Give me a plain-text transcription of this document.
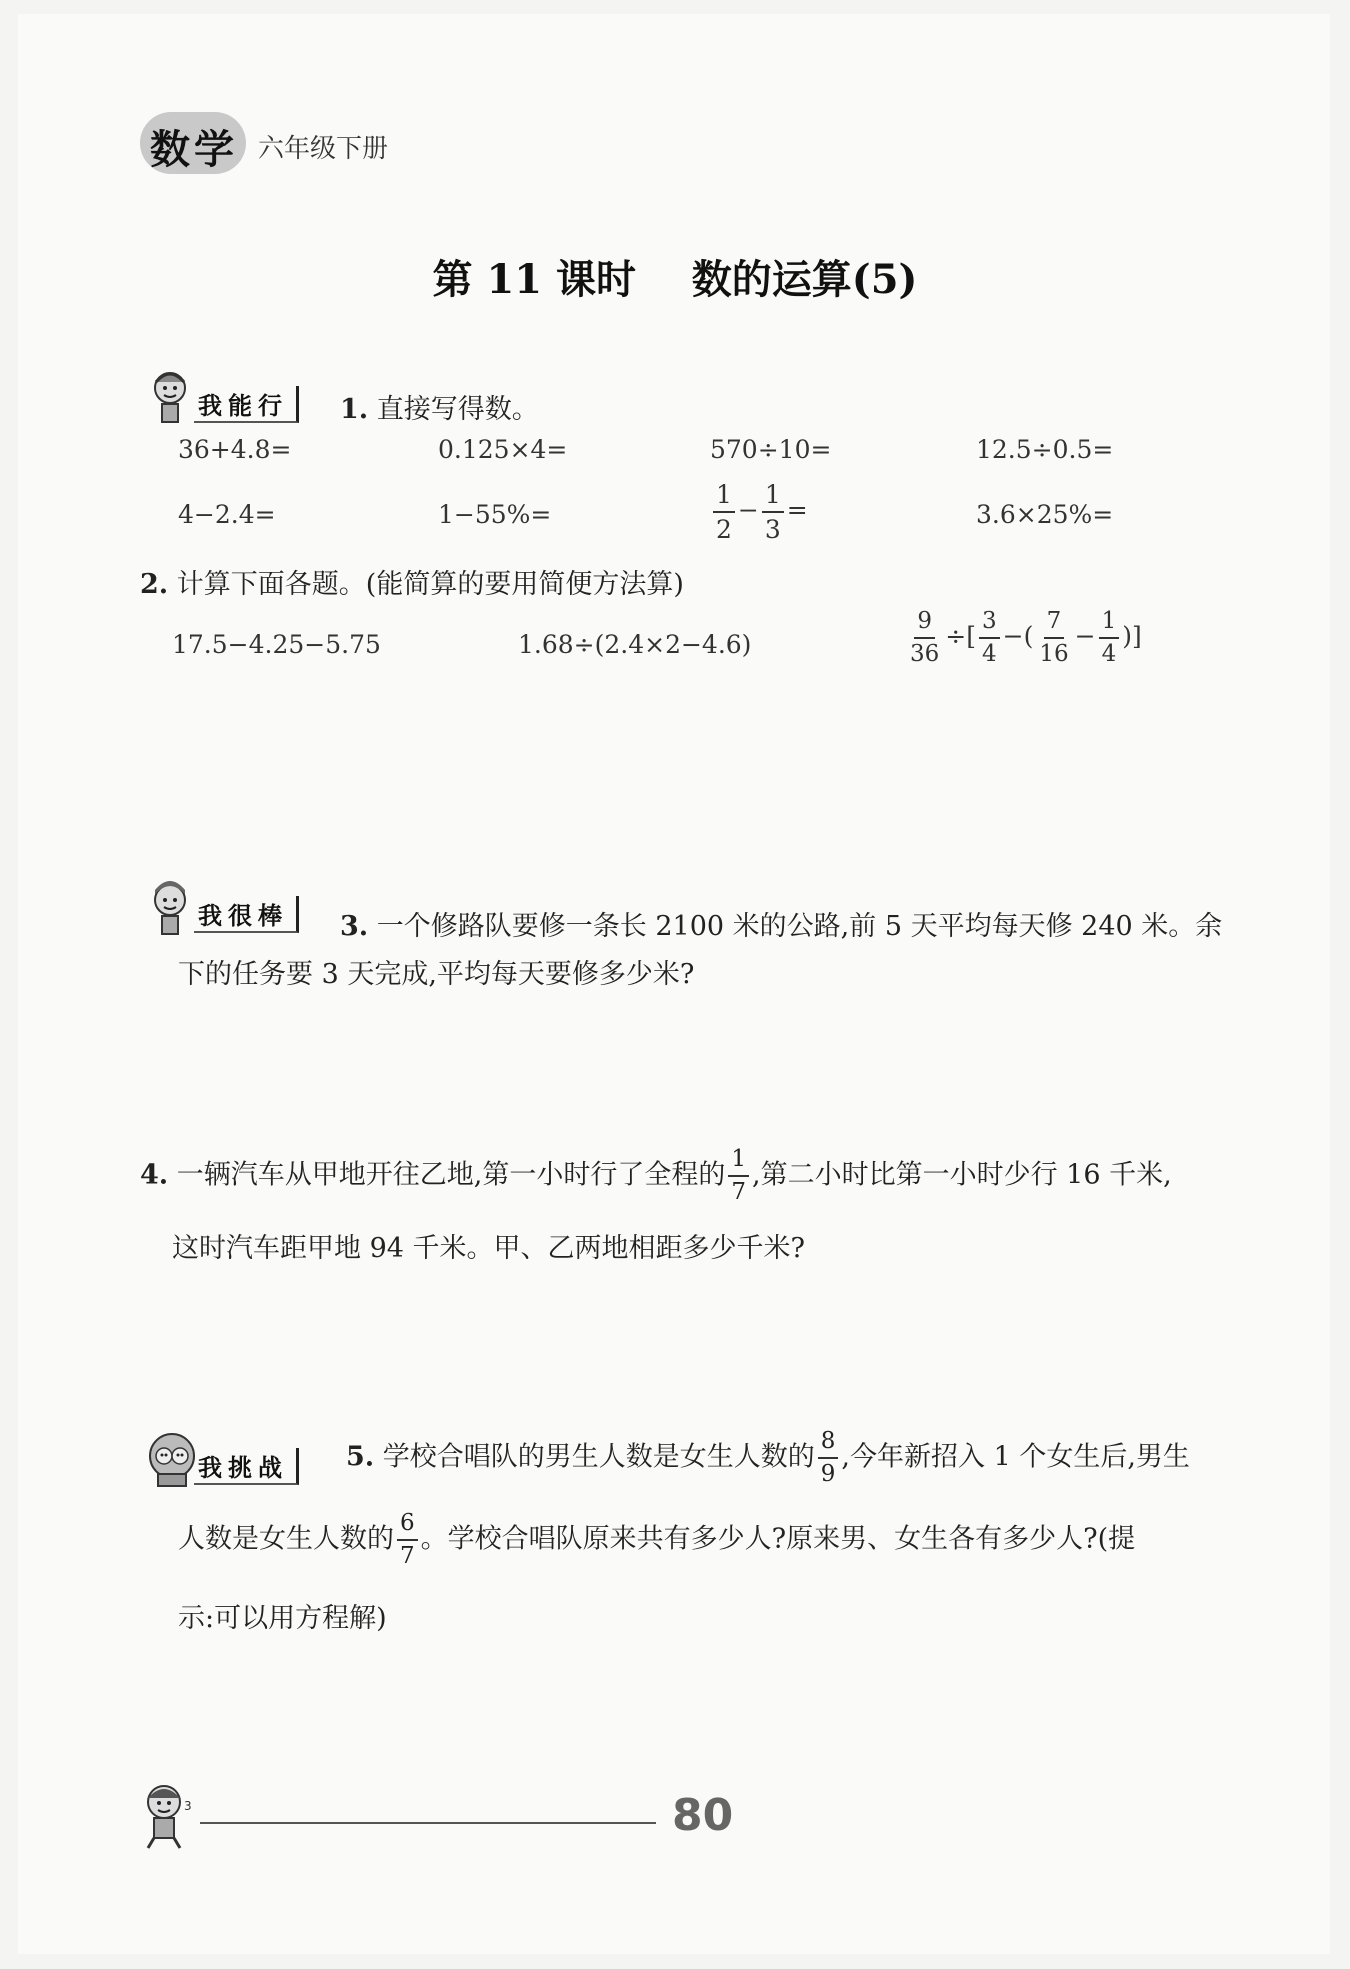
数学 六年级下册
第 11 课时 数的运算(5)
我能行	1. 直接写得数。
36+4.8=	0.125×4=	570÷10=	12.5÷0.5=
4−2.4=	1−55%=	$\frac{1}{2} - \frac{1}{3}$ =	3.6×25%=
2. 计算下面各题。(能简算的要用简便方法算)
17.5−4.25−5.75	1.68÷(2.4×2−4.6)	$\frac{9}{36}$ ÷[ $\frac{3}{4}$ −( $\frac{7}{16} - \frac{1}{4}$ )]
我很棒	3. 一个修路队要修一条长 2100 米的公路,前 5 天平均每天修 240 米。余
下的任务要 3 天完成,平均每天要修多少米?
4. 一辆汽车从甲地开往乙地,第一小时行了全程的 $\frac{1}{7}$ ,第二小时比第一小时少行 16 千米,
这时汽车距甲地 94 千米。甲、乙两地相距多少千米?
我挑战	5. 学校合唱队的男生人数是女生人数的 $\frac{8}{9}$ ,今年新招入 1 个女生后,男生
人数是女生人数的 $\frac{6}{7}$ 。学校合唱队原来共有多少人?原来男、女生各有多少人?(提
示:可以用方程解)
3	80
